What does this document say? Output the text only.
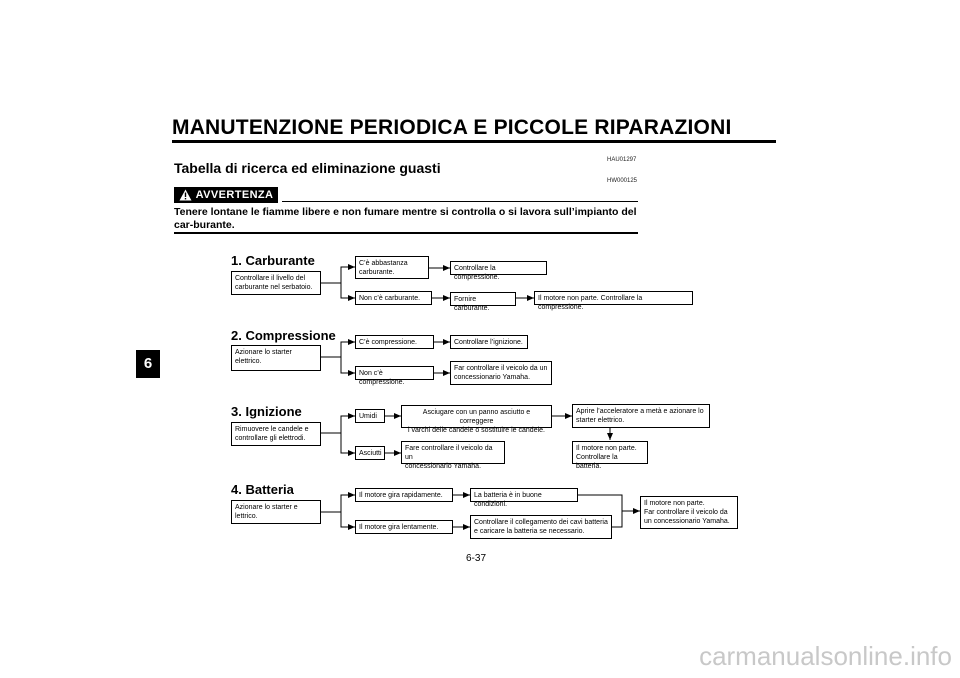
MANUTENZIONE PERIODICA E PICCOLE RIPARAZIONI
6
HAU01297
Tabella di ricerca ed eliminazione guasti
HW000125
AVVERTENZA
Tenere lontane le fiamme libere e non fumare mentre si controlla o si lavora sull’impianto del car-burante.
1. Carburante
Controllare il livello del
carburante nel serbatoio.
C’è abbastanza
carburante.
Controllare la compressione.
Non c’è carburante.	Fornire carburante.
Il motore non parte. Controllare la compressione.
2. Compressione
Azionare lo starter
elettrico.
C’è compressione.	Controllare l’ignizione.
Non c’è compressione.
Far controllare il veicolo da un
concessionario Yamaha.
3. Ignizione
Rimuovere le candele e
controllare gli elettrodi.
Umidi
Asciugare con un panno asciutto e correggere
i varchi delle candele o sostituire le candele.
Asciutti
Fare controllare il veicolo da un
concessionario Yamaha.
Aprire l’acceleratore a metà e azionare lo
starter elettrico.
Il motore non parte.
Controllare la batteria.
4. Batteria
Azionare lo starter e
lettrico.
Il motore gira rapidamente.	La batteria è in buone condizioni.
Il motore gira lentamente.
Controllare il collegamento dei cavi batteria
e caricare la batteria se necessario.
Il motore non parte.
Far controllare il veicolo da
un concessionario Yamaha.
6-37
carmanualsonline.info
